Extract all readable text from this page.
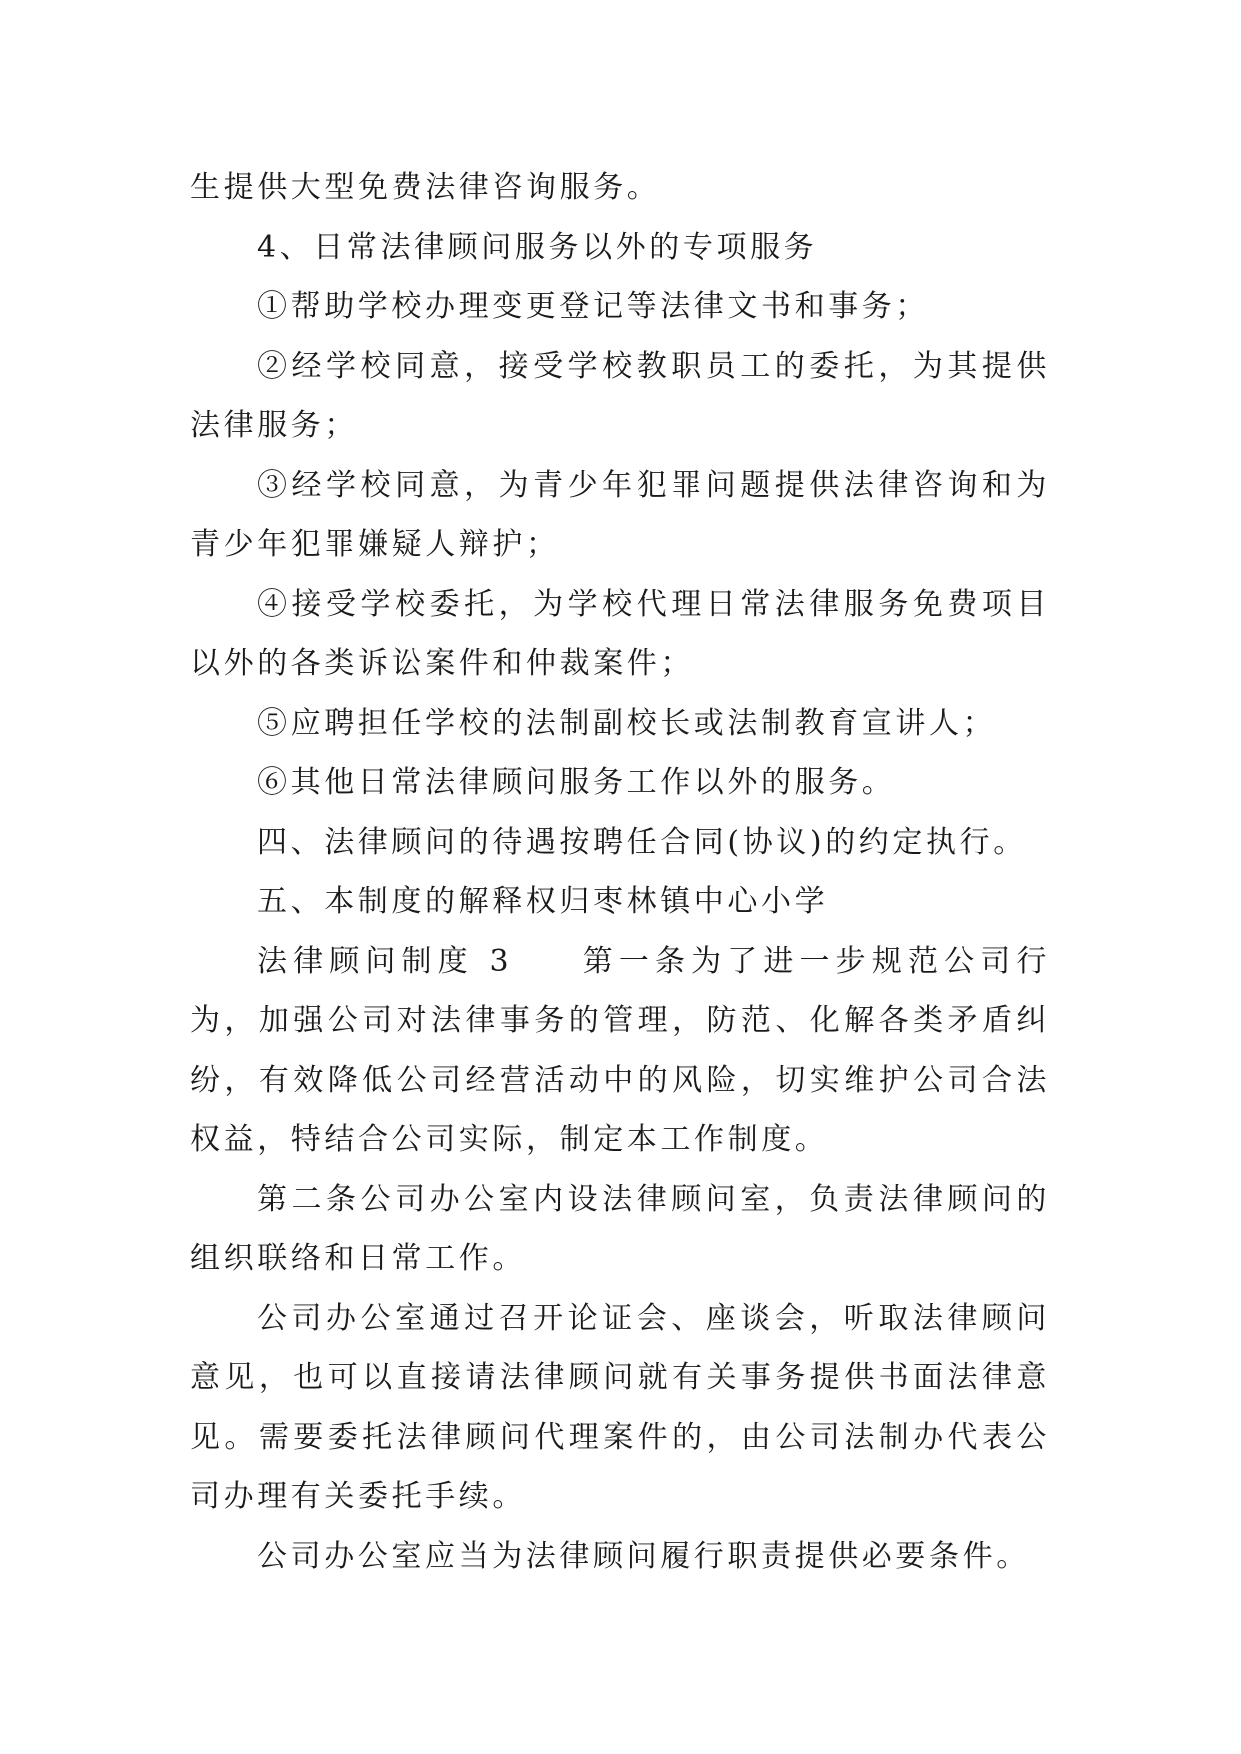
生提供大型免费法律咨询服务。

4、日常法律顾问服务以外的专项服务

①帮助学校办理变更登记等法律文书和事务；

②经学校同意，接受学校教职员工的委托，为其提供法律服务；

③经学校同意，为青少年犯罪问题提供法律咨询和为青少年犯罪嫌疑人辩护；

④接受学校委托，为学校代理日常法律服务免费项目以外的各类诉讼案件和仲裁案件；

⑤应聘担任学校的法制副校长或法制教育宣讲人；

⑥其他日常法律顾问服务工作以外的服务。

四、法律顾问的待遇按聘任合同(协议)的约定执行。

五、本制度的解释权归枣林镇中心小学

法律顾问制度 3 第一条为了进一步规范公司行为，加强公司对法律事务的管理，防范、化解各类矛盾纠纷，有效降低公司经营活动中的风险，切实维护公司合法权益，特结合公司实际，制定本工作制度。

第二条公司办公室内设法律顾问室，负责法律顾问的组织联络和日常工作。

公司办公室通过召开论证会、座谈会，听取法律顾问意见，也可以直接请法律顾问就有关事务提供书面法律意见。需要委托法律顾问代理案件的，由公司法制办代表公司办理有关委托手续。

公司办公室应当为法律顾问履行职责提供必要条件。
